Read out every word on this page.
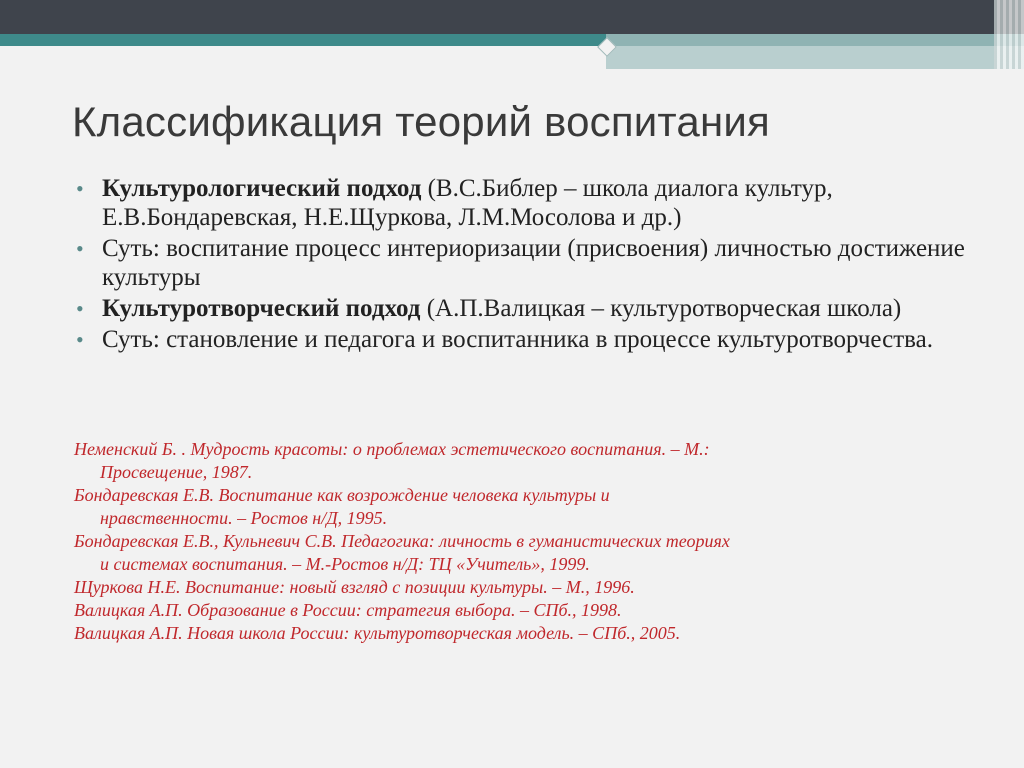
Классификация теорий воспитания
• Культурологический подход (В.С.Библер – школа диалога культур, Е.В.Бондаревская, Н.Е.Щуркова, Л.М.Мосолова и др.)
• Суть: воспитание процесс интериоризации (присвоения) личностью достижение культуры
• Культуротворческий подход (А.П.Валицкая – культуротворческая школа)
• Суть: становление и педагога и воспитанника в процессе культуротворчества.
Неменский Б. . Мудрость красоты: о проблемах эстетического воспитания. – М.:
Просвещение, 1987.
Бондаревская Е.В. Воспитание как возрождение человека культуры и
нравственности. – Ростов н/Д, 1995.
Бондаревская Е.В., Кульневич С.В. Педагогика: личность в гуманистических теориях
и системах воспитания. – М.-Ростов н/Д: ТЦ «Учитель», 1999.
Щуркова Н.Е. Воспитание: новый взгляд с позиции культуры. – М., 1996.
Валицкая А.П. Образование в России: стратегия выбора. – СПб., 1998.
Валицкая А.П. Новая школа России: культуротворческая модель. – СПб., 2005.
